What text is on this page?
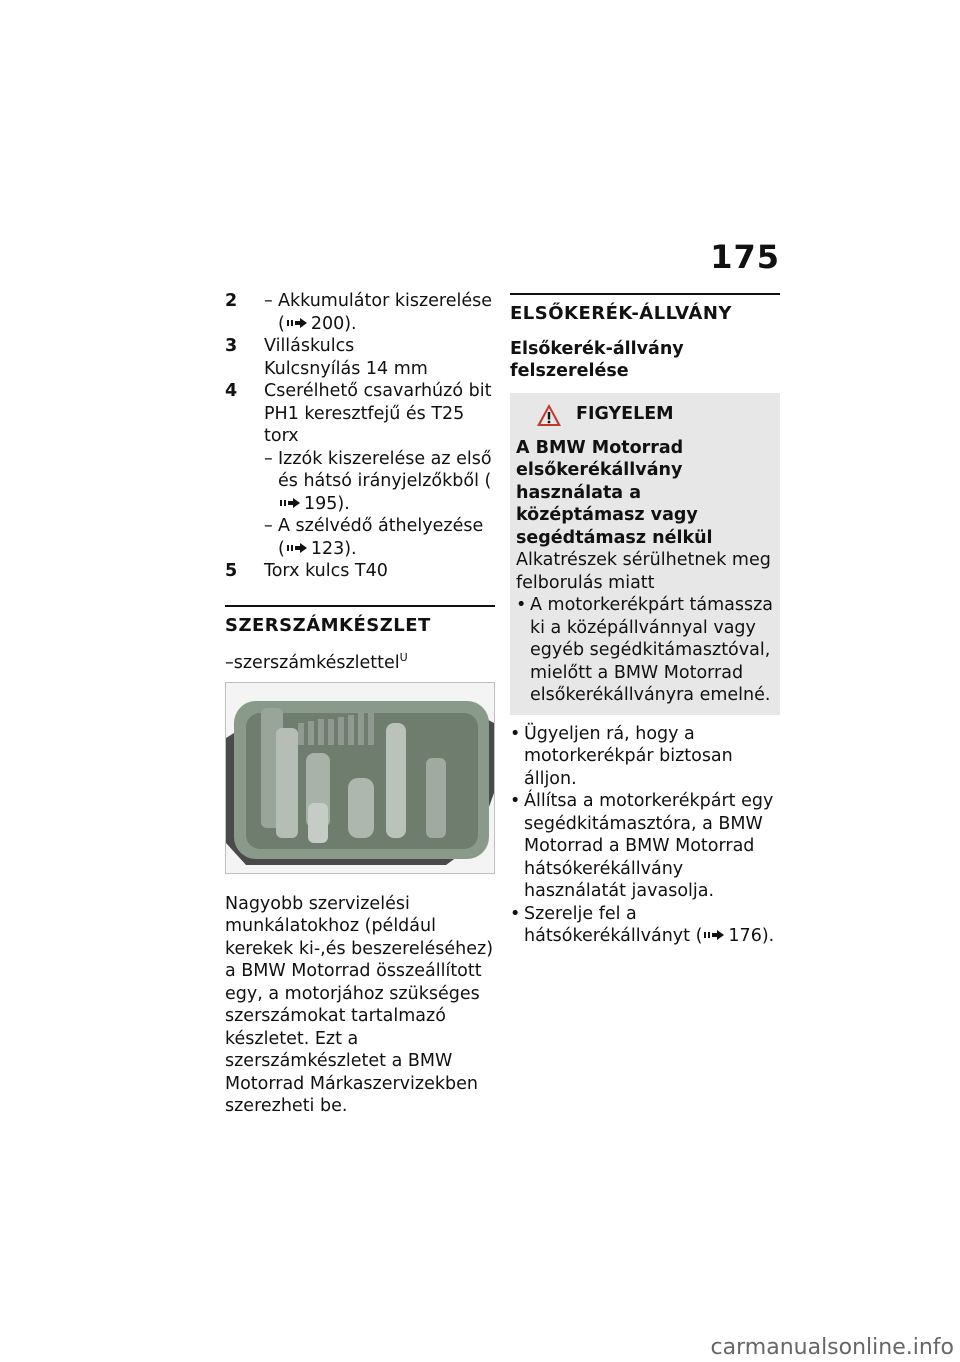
175
2 – Akkumulátor kiszerelése
( 200).
3 Villáskulcs
Kulcsnyílás 14 mm
4 Cserélhető csavarhúzó bit PH1 keresztfejű és T25 torx
– Izzók kiszerelése az első és hátsó irányjelzőkből (195).
– A szélvédő áthelyezése
( 123).
5 Torx kulcs T40
SZERSZÁMKÉSZLET
–szerszámkészlettel$^U$
Nagyobb szervizelési munkálatokhoz (például kerekek ki-,és beszereléséhez) a BMW Motorrad összeállított egy, a motorjához szükséges szerszámokat tartalmazó készletet. Ezt a szerszámkészletet a BMW Motorrad Márkaszervizekben szerezheti be.
ELSŐKERÉK-ÁLLVÁNY
Elsőkerék-állvány felszerelése
FIGYELEM
A BMW Motorrad elsőkerékállvány használata a középtámasz vagy segédtámasz nélkül
Alkatrészek sérülhetnek meg felborulás miatt
• A motorkerékpárt támassza ki a középállvánnyal vagy egyéb segédkitámasztóval, mielőtt a BMW Motorrad elsőkerékállványra emelné.
• Ügyeljen rá, hogy a motorkerékpár biztosan álljon.
• Állítsa a motorkerékpárt egy segédkitámasztóra, a BMW Motorrad a BMW Motorrad hátsókerékállvány használatát javasolja.
• Szerelje fel a hátsókerékállványt ( 176).
carmanualsonline.info
